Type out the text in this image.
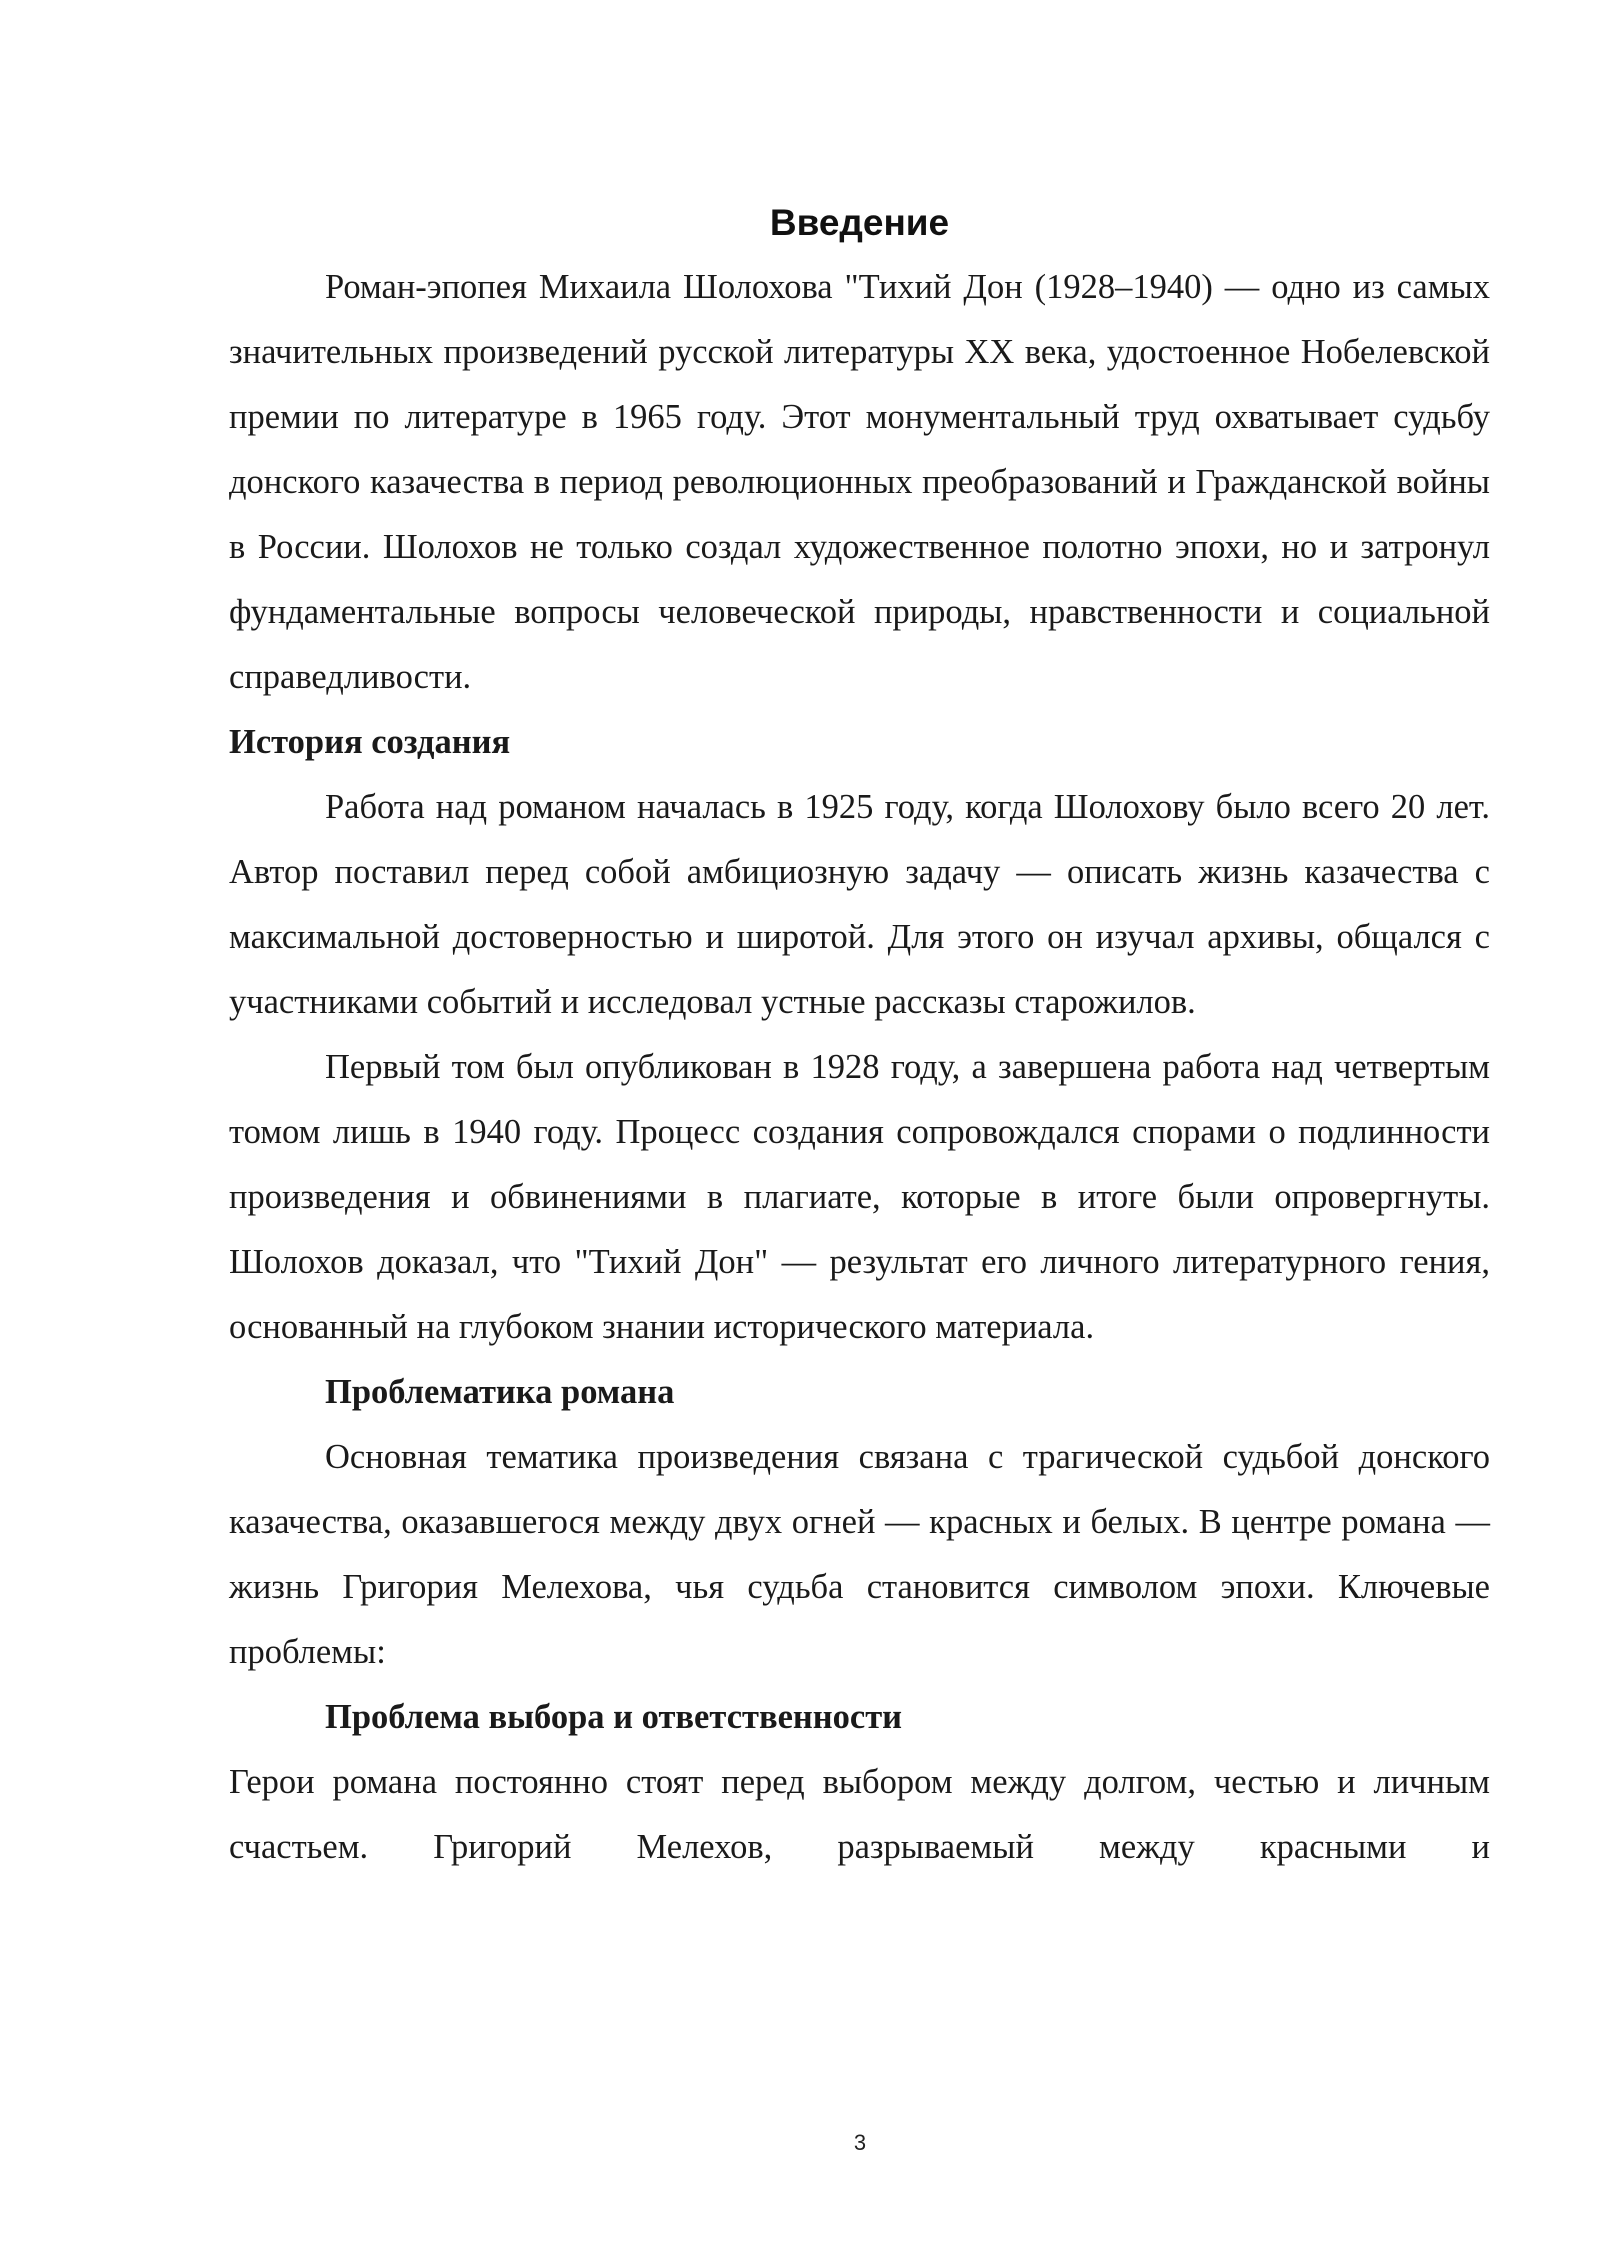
Введение

Роман-эпопея Михаила Шолохова "Тихий Дон (1928–1940) — одно из самых значительных произведений русской литературы XX века, удостоенное Нобелевской премии по литературе в 1965 году. Этот монументальный труд охватывает судьбу донского казачества в период революционных преобразований и Гражданской войны в России. Шолохов не только создал художественное полотно эпохи, но и затронул фундаментальные вопросы человеческой природы, нравственности и социальной справедливости.

История создания

Работа над романом началась в 1925 году, когда Шолохову было всего 20 лет. Автор поставил перед собой амбициозную задачу — описать жизнь казачества с максимальной достоверностью и широтой. Для этого он изучал архивы, общался с участниками событий и исследовал устные рассказы старожилов.

Первый том был опубликован в 1928 году, а завершена работа над четвертым томом лишь в 1940 году. Процесс создания сопровождался спорами о подлинности произведения и обвинениями в плагиате, которые в итоге были опровергнуты. Шолохов доказал, что "Тихий Дон" — результат его личного литературного гения, основанный на глубоком знании исторического материала.

Проблематика романа

Основная тематика произведения связана с трагической судьбой донского казачества, оказавшегося между двух огней — красных и белых. В центре романа — жизнь Григория Мелехова, чья судьба становится символом эпохи. Ключевые проблемы:

Проблема выбора и ответственности

Герои романа постоянно стоят перед выбором между долгом, честью и личным счастьем. Григорий Мелехов, разрываемый между красными и

3
